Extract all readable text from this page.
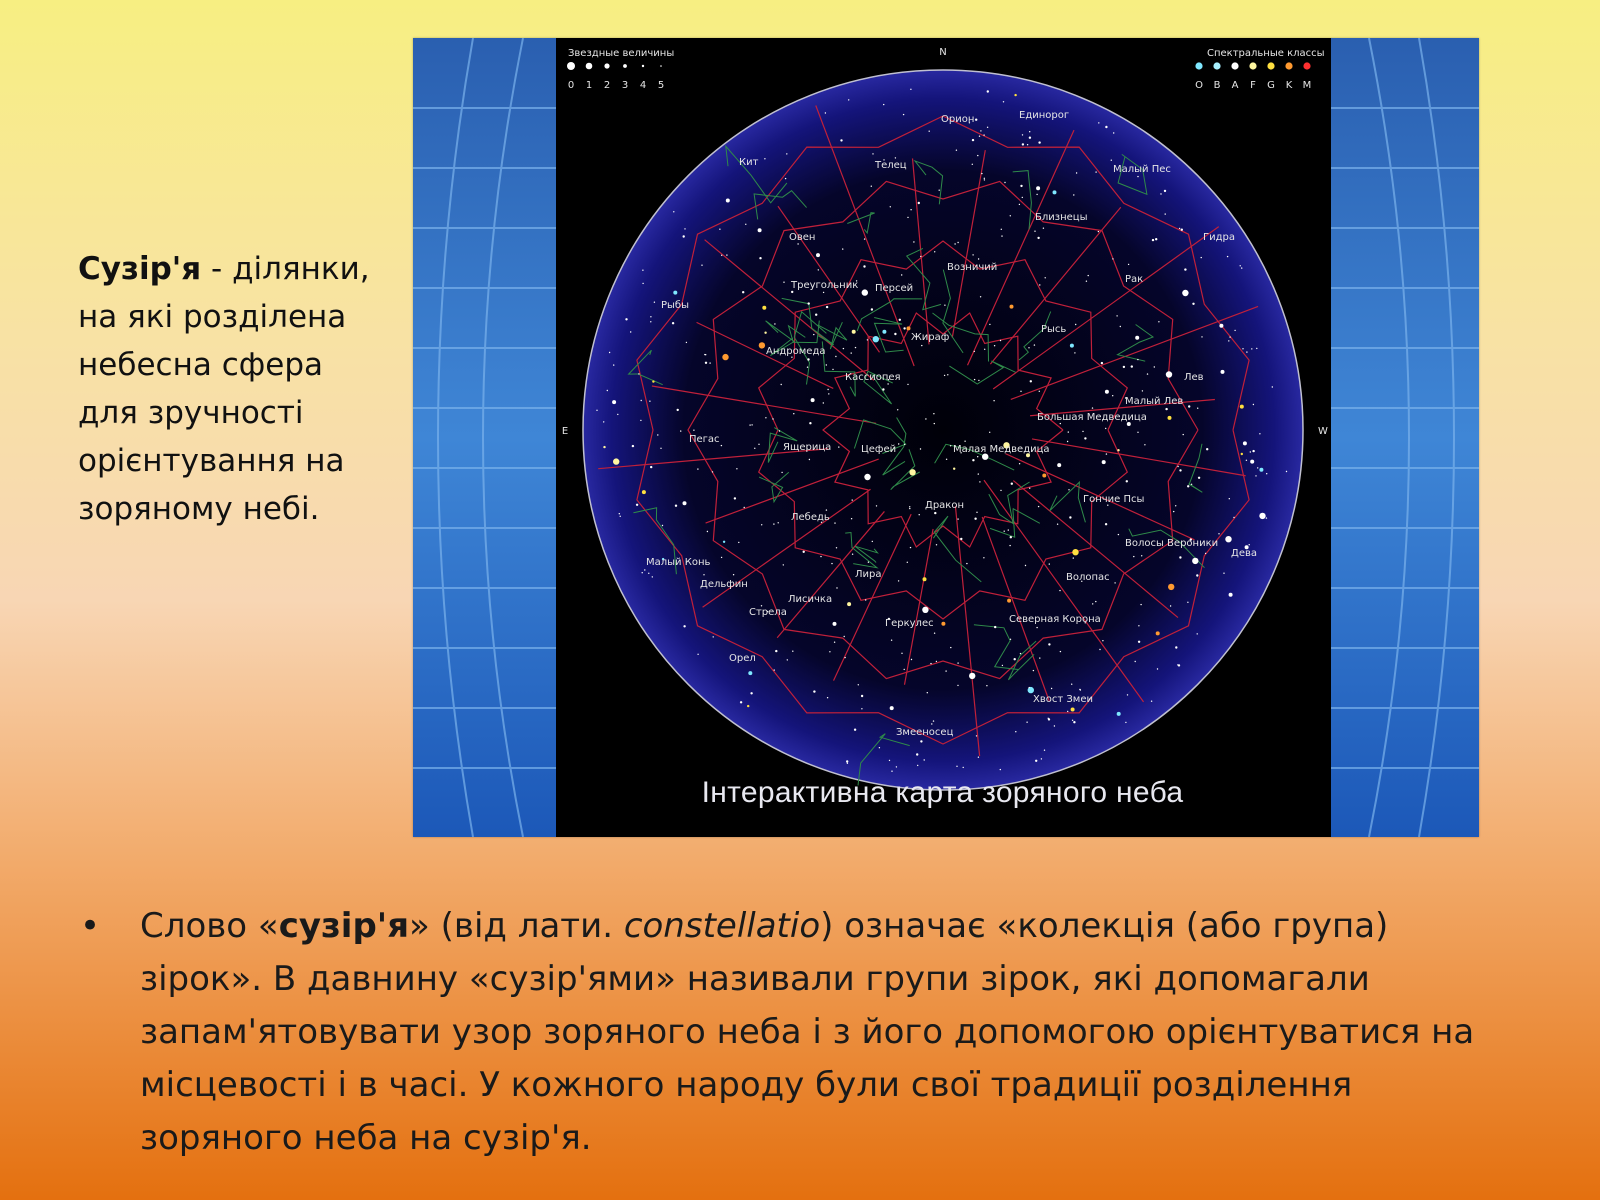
Сузір'я - ділянки, на які розділена небесна сфера для зручності орієнтування на зоряному небі.
Орион	Единорог
Кит	Телец	Малый Пес
Овен
Близнецы
Гидра
Возничий
Треугольник Персей
Рак
Рыбы
Рысь
Андромеда
Жираф
Лев
Кассиопея
Малый Лев
Большая Медведица
Пегас
Ящерица	Цефей	Малая Медведица
Гончие Псы
Дракон
Лебедь
Волосы Вероники
Дева
Малый Конь
Дельфин
Лира	Волопас
Лисичка
Стрела
Геркулес	Северная Корона
Орел
Хвост Змеи
Змееносец
Звездные величины
0 1 2 3 4 5
Спектральные классы
O B A F G K M
N
E	W
Інтерактивна карта зоряного неба
•	Слово «сузір'я» (від лати. constellatio) означає «колекція (або група) зірок». В давнину «сузір'ями» називали групи зірок, які допомагали запам'ятовувати узор зоряного неба і з його допомогою орієнтуватися на місцевості і в часі. У кожного народу були свої традиції розділення зоряного неба на сузір'я.
